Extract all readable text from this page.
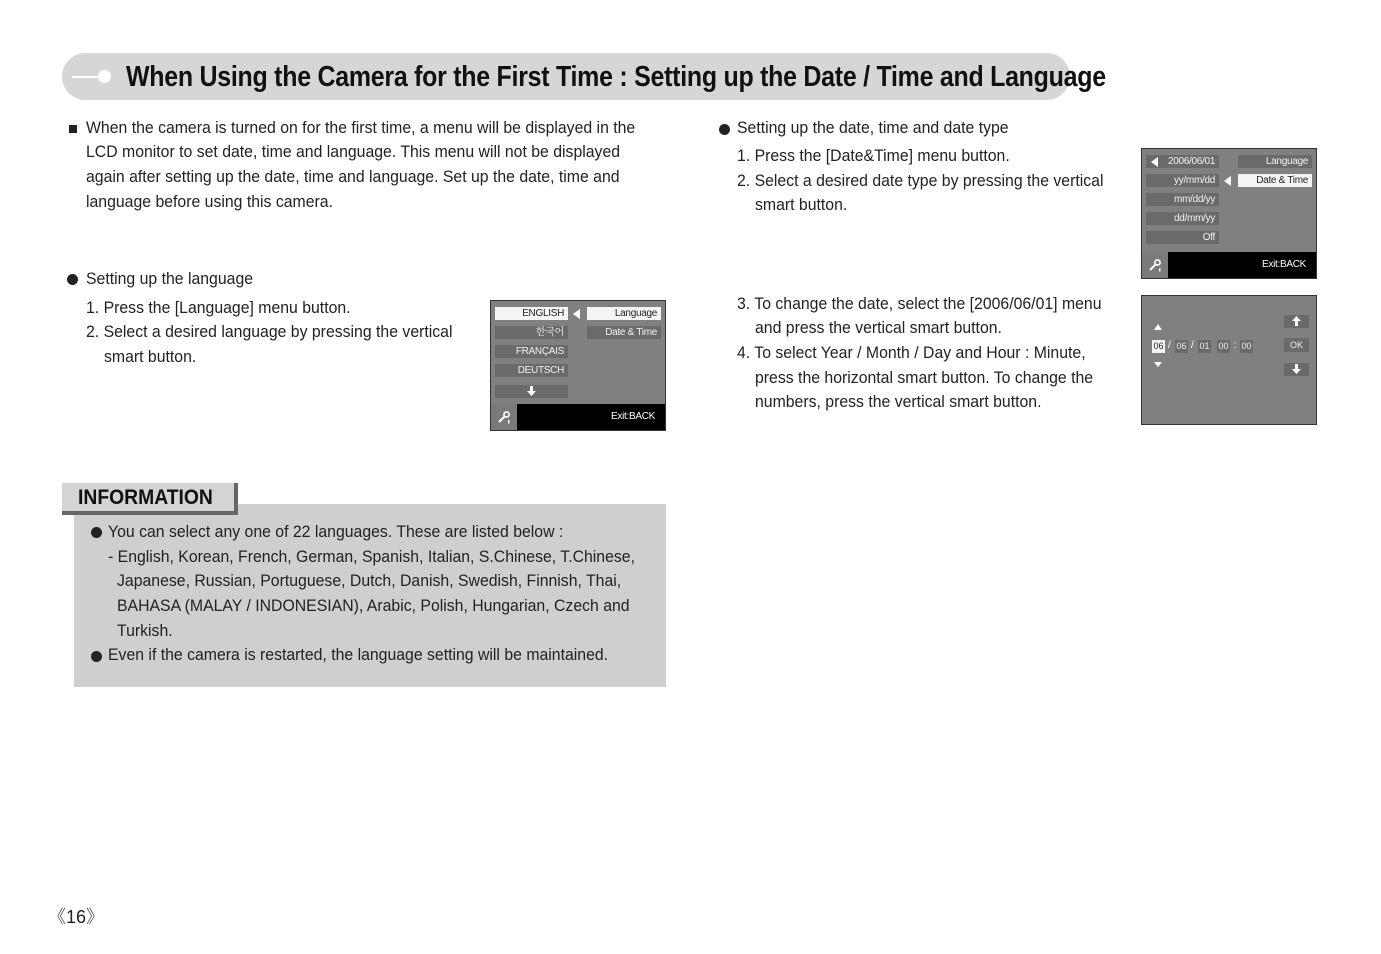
When Using the Camera for the First Time : Setting up the Date / Time and Language
When the camera is turned on for the first time, a menu will be displayed in the
LCD monitor to set date, time and language. This menu will not be displayed
again after setting up the date, time and language. Set up the date, time and
language before using this camera.
Setting up the language
1. Press the [Language] menu button.
2. Select a desired language by pressing the vertical
smart button.
ENGLISH
한국어
FRANÇAIS
DEUTSCH
Language
Date & Time
Exit:BACK
Setting up the date, time and date type
1. Press the [Date&Time] menu button.
2. Select a desired date type by pressing the vertical
smart button.
3. To change the date, select the [2006/06/01] menu
and press the vertical smart button.
4. To select Year / Month / Day and Hour : Minute,
press the horizontal smart button. To change the
numbers, press the vertical smart button.
2006/06/01
yy/mm/dd
mm/dd/yy
dd/mm/yy
Off
Language
Date & Time
Exit:BACK
06 / 06 / 01 00 : 00	OK
INFORMATION
You can select any one of 22 languages. These are listed below :
- English, Korean, French, German, Spanish, Italian, S.Chinese, T.Chinese,
Japanese, Russian, Portuguese, Dutch, Danish, Swedish, Finnish, Thai,
BAHASA (MALAY / INDONESIAN), Arabic, Polish, Hungarian, Czech and
Turkish.
Even if the camera is restarted, the language setting will be maintained.
《16》
